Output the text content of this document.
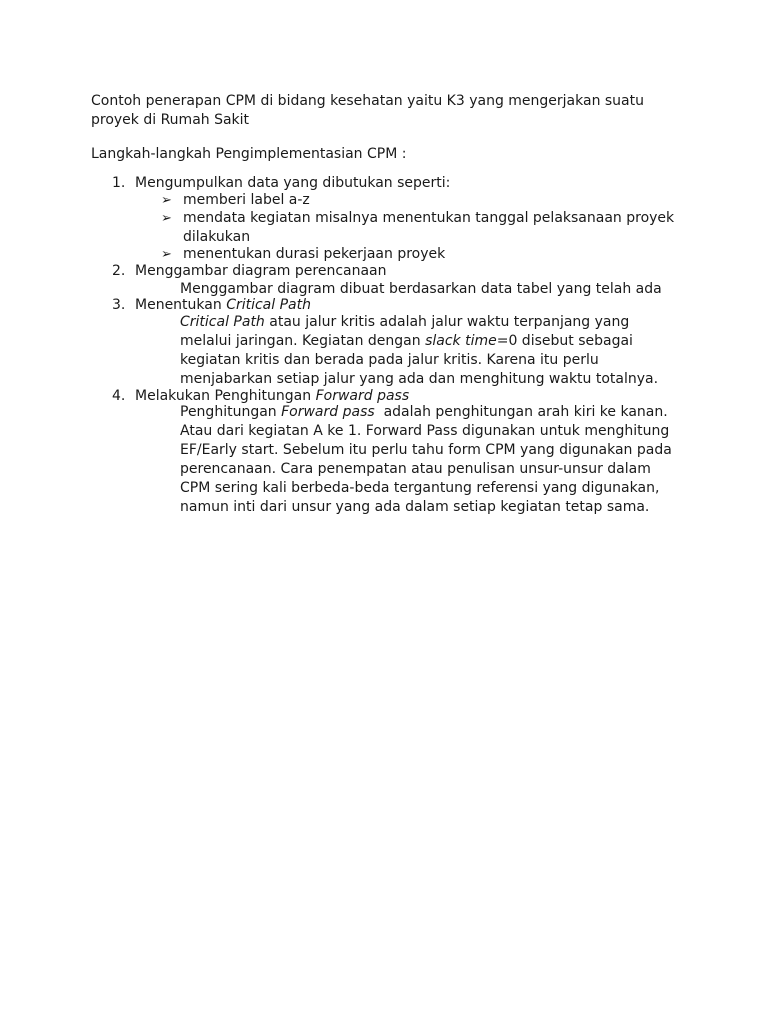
Contoh penerapan CPM di bidang kesehatan yaitu K3 yang mengerjakan suatu proyek di Rumah Sakit

Langkah-langkah Pengimplementasian CPM :

1. Mengumpulkan data yang dibutukan seperti:
➢ memberi label a-z
➢ mendata kegiatan misalnya menentukan tanggal pelaksanaan proyek
dilakukan
➢ menentukan durasi pekerjaan proyek
2. Menggambar diagram perencanaan
Menggambar diagram dibuat berdasarkan data tabel yang telah ada
3. Menentukan Critical Path
Critical Path atau jalur kritis adalah jalur waktu terpanjang yang
melalui jaringan. Kegiatan dengan slack time=0 disebut sebagai
kegiatan kritis dan berada pada jalur kritis. Karena itu perlu
menjabarkan setiap jalur yang ada dan menghitung waktu totalnya.
4. Melakukan Penghitungan Forward pass
Penghitungan Forward pass  adalah penghitungan arah kiri ke kanan.
Atau dari kegiatan A ke 1. Forward Pass digunakan untuk menghitung
EF/Early start. Sebelum itu perlu tahu form CPM yang digunakan pada
perencanaan. Cara penempatan atau penulisan unsur-unsur dalam
CPM sering kali berbeda-beda tergantung referensi yang digunakan,
namun inti dari unsur yang ada dalam setiap kegiatan tetap sama.
